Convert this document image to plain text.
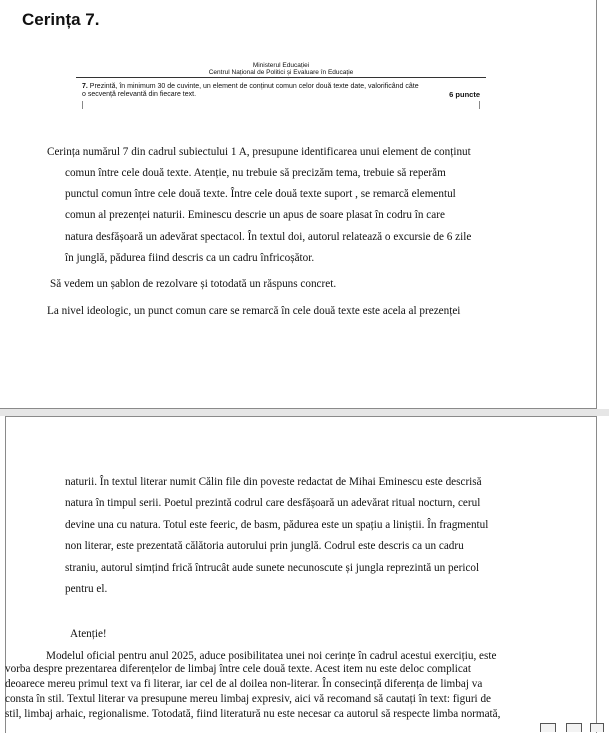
Cerința 7.
Ministerul Educației
Centrul Național de Politici și Evaluare în Educație
7. Prezintă, în minimum 30 de cuvinte, un element de conținut comun celor două texte date, valorificând câte
o secvență relevantă din fiecare text.	6 puncte
Cerința numărul 7 din cadrul subiectului 1 A, presupune identificarea unui element de conținut
comun între cele două texte. Atenție, nu trebuie să precizăm tema, trebuie să reperăm
punctul comun între cele două texte. Între cele două texte suport , se remarcă elementul
comun al prezenței naturii. Eminescu descrie un apus de soare plasat în codru în care
natura desfășoară un adevărat spectacol. În textul doi, autorul relatează o excursie de 6 zile
în junglă, pădurea fiind descris ca un cadru înfricoșător.
Să vedem un șablon de rezolvare și totodată un răspuns concret.
La nivel ideologic, un punct comun care se remarcă în cele două texte este acela al prezenței
naturii. În textul literar numit Călin file din poveste redactat de Mihai Eminescu este descrisă
natura în timpul serii. Poetul prezintă codrul care desfășoară un adevărat ritual nocturn, cerul
devine una cu natura. Totul este feeric, de basm, pădurea este un spațiu a liniștii. În fragmentul
non literar, este prezentată călătoria autorului prin junglă. Codrul este descris ca un cadru
straniu, autorul simțind frică întrucât aude sunete necunoscute și jungla reprezintă un pericol
pentru el.
Atenție!
Modelul oficial pentru anul 2025, aduce posibilitatea unei noi cerințe în cadrul acestui exercițiu, este
vorba despre prezentarea diferențelor de limbaj între cele două texte. Acest item nu este deloc complicat
deoarece mereu primul text va fi literar, iar cel de al doilea non-literar. În consecință diferența de limbaj va
consta în stil. Textul literar va presupune mereu limbaj expresiv, aici vă recomand să cautați în text: figuri de
stil, limbaj arhaic, regionalisme. Totodată, fiind literatură nu este necesar ca autorul să respecte limba normată,
